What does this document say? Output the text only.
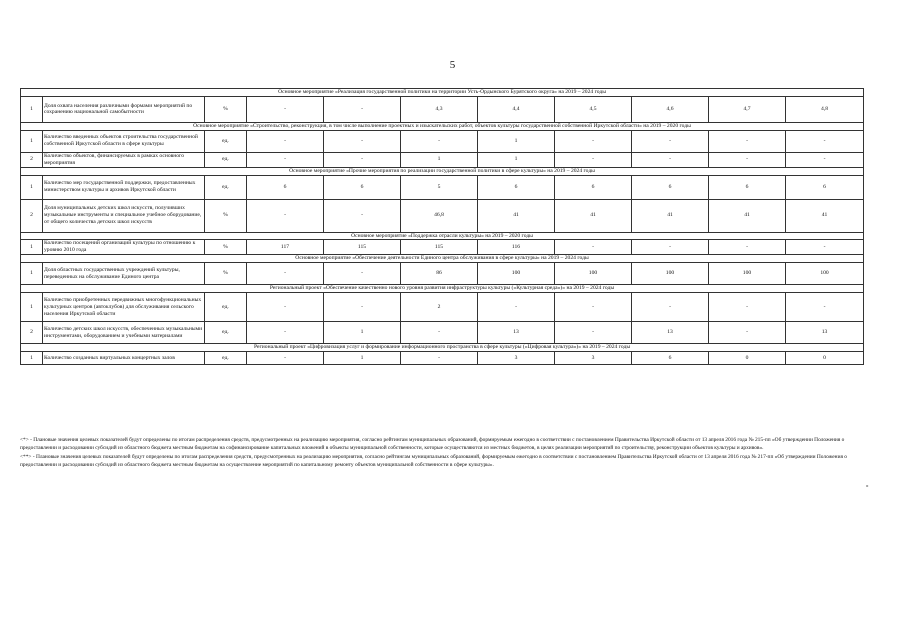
5
Основное мероприятие «Реализация государственной политики на территории Усть-Ордынского Бурятского округа» на 2019 – 2024 годы										
1	Доля охвата населения различными формами мероприятий по сохранению национальной самобытности	%	-	-	4,3	4,4	4,5	4,6	4,7	4,8
Основное мероприятие «Строительство, реконструкция, в том числе выполнение проектных и изыскательских работ, объектов культуры государственной собственной Иркутской области» на 2019 – 2020 годы										
1	Количество введенных объектов строительства государственной собственной Иркутской области в сфере культуры	ед.	-	-	-	1	-	-	-	-
2	Количество объектов, финансируемых в рамках основного мероприятия	ед.	-	-	1	1	-	-	-	-
Основное мероприятие «Прочие мероприятия по реализации государственной политики в сфере культуры» на 2019 – 2024 годы										
1	Количество мер государственной поддержки, предоставленных министерством культуры и архивов Иркутской области	ед.	6	6	5	6	6	6	6	6
2	Доля муниципальных детских школ искусств, получивших музыкальные инструменты и специальное учебное оборудование, от общего количества детских школ искусств	%	-	-	46,8	41	41	41	41	41
Основное мероприятие «Поддержка отрасли культуры» на 2019 – 2020 годы										
1	Количество посещений организаций культуры по отношению к уровню 2010 года	%	117	115	115	116	-	-	-	-
Основное мероприятие «Обеспечение деятельности Единого центра обслуживания в сфере культуры» на 2019 – 2024 годы										
1	Доля областных государственных учреждений культуры, переведенных на обслуживание Единого центра	%	-	-	86	100	100	100	100	100
Региональный проект «Обеспечение качественно нового уровня развития инфраструктуры культуры («Культурная среда»)» на 2019 – 2024 годы										
1	Количество приобретенных передвижных многофункциональных культурных центров (автоклубов) для обслуживания сельского населения Иркутской области	ед.	-	-	2	-	-	-	-	-
2	Количество детских школ искусств, обеспеченных музыкальными инструментами, оборудованием и учебными материалами	ед.	-	1	-	13	-	13	-	13
Региональный проект «Цифровизация услуг и формирование информационного пространства в сфере культуры («Цифровая культура»)» на 2019 – 2024 годы										
1	Количество созданных виртуальных концертных залов	ед.	-	1	-	3	3	6	0	0

<*> - Плановые значения целевых показателей будут определены по итогам распределения средств, предусмотренных на реализацию мероприятия, согласно рейтингам муниципальных образований, формируемым ежегодно в соответствии с постановлением Правительства Иркутской области от 13 апреля 2016 года № 215-пп «Об утверждении Положения о предоставлении и расходовании субсидий из областного бюджета местным бюджетам на софинансирование капитальных вложений в объекты муниципальной собственности, которые осуществляются из местных бюджетов, в целях реализации мероприятий по строительству, реконструкции объектов культуры и архивов».

<**> - Плановые значения целевых показателей будут определены по итогам распределения средств, предусмотренных на реализацию мероприятия, согласно рейтингам муниципальных образований, формируемым ежегодно в соответствии с постановлением Правительства Иркутской области от 13 апреля 2016 года № 217-пп «Об утверждении Положения о предоставлении и расходовании субсидий из областного бюджета местным бюджетам на осуществление мероприятий по капитальному ремонту объектов муниципальной собственности в сфере культуры».

»
